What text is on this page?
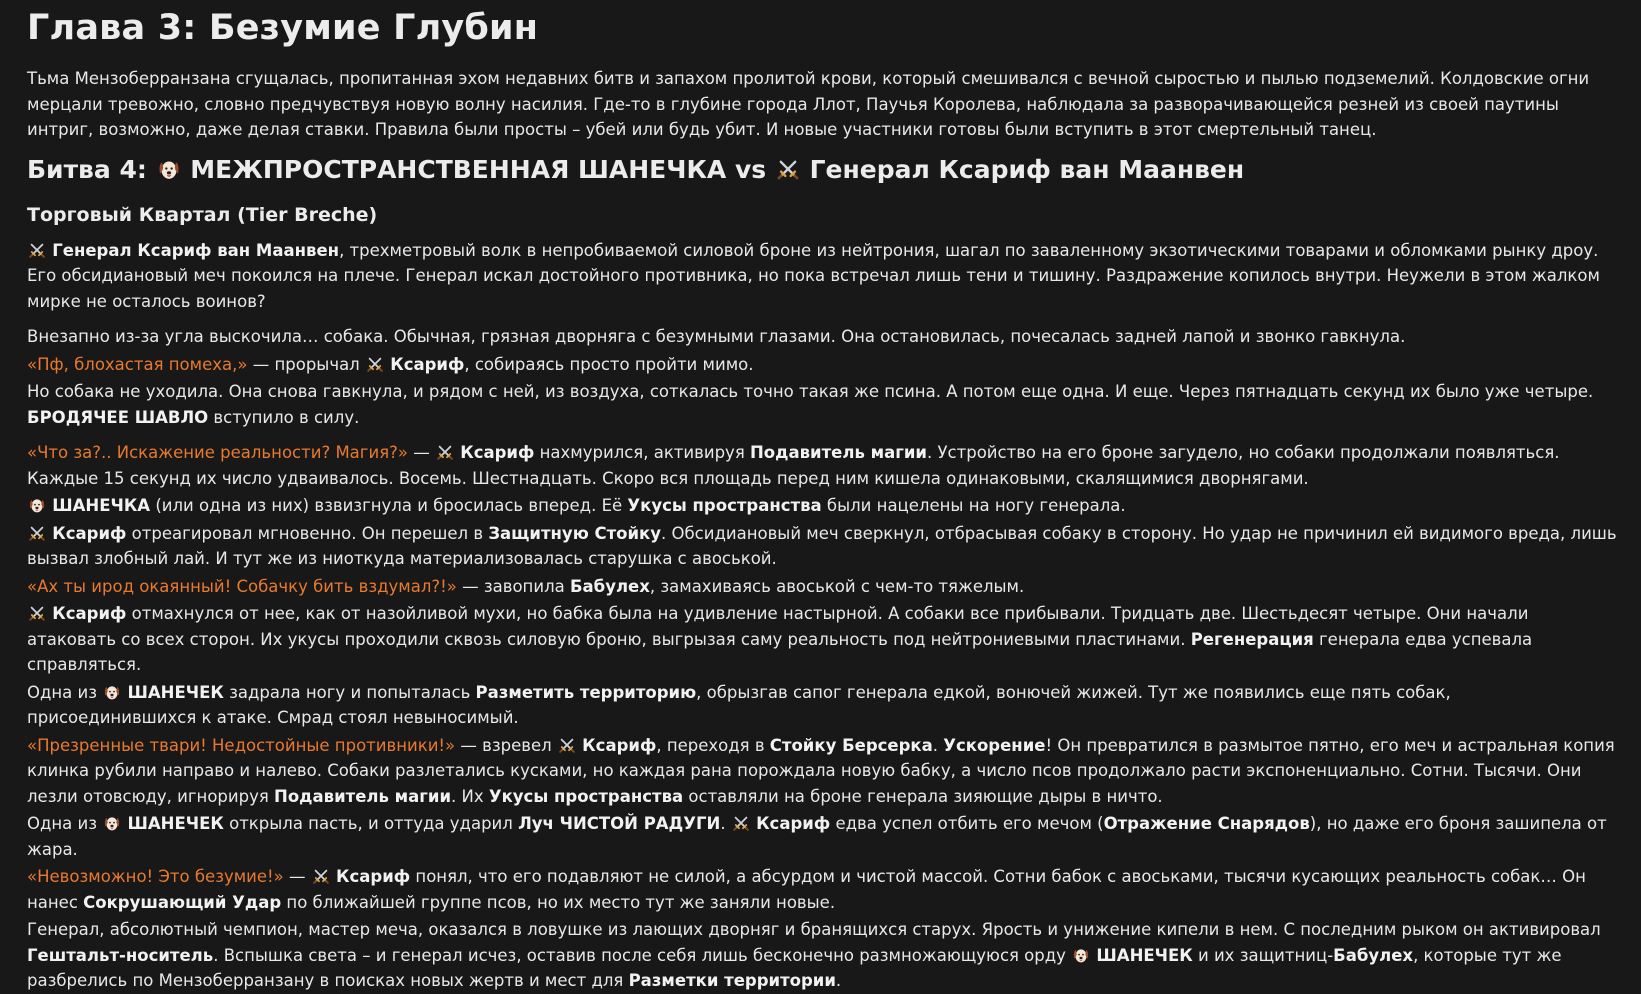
Глава 3: Безумие Глубин

Тьма Мензоберранзана сгущалась, пропитанная эхом недавних битв и запахом пролитой крови, который смешивался с вечной сыростью и пылью подземелий. Колдовские огни мерцали тревожно, словно предчувствуя новую волну насилия. Где-то в глубине города Ллот, Паучья Королева, наблюдала за разворачивающейся резней из своей паутины интриг, возможно, даже делая ставки. Правила были просты – убей или будь убит. И новые участники готовы были вступить в этот смертельный танец.

Битва 4: МЕЖПРОСТРАНСТВЕННАЯ ШАНЕЧКА vs Генерал Ксариф ван Маанвен
Торговый Квартал (Tier Breche)

Генерал Ксариф ван Маанвен, трехметровый волк в непробиваемой силовой броне из нейтрония, шагал по заваленному экзотическими товарами и обломками рынку дроу. Его обсидиановый меч покоился на плече. Генерал искал достойного противника, но пока встречал лишь тени и тишину. Раздражение копилось внутри. Неужели в этом жалком мирке не осталось воинов?

Внезапно из-за угла выскочила… собака. Обычная, грязная дворняга с безумными глазами. Она остановилась, почесалась задней лапой и звонко гавкнула.

«Пф, блохастая помеха,» — прорычал
Ксариф, собираясь просто пройти мимо.

Но собака не уходила. Она снова гавкнула, и рядом с ней, из воздуха, соткалась точно такая же псина. А потом еще одна. И еще. Через пятнадцать секунд их было уже четыре. БРОДЯЧЕЕ ШАВЛО вступило в силу.

«Что за?.. Искажение реальности? Магия?» —
Ксариф нахмурился, активируя Подавитель магии. Устройство на его броне загудело, но собаки продолжали появляться. Каждые 15 секунд их число удваивалось. Восемь. Шестнадцать. Скоро вся площадь перед ним кишела одинаковыми, скалящимися дворнягами.

ШАНЕЧКА (или одна из них) взвизгнула и бросилась вперед. Её Укусы пространства были нацелены на ногу генерала.

Ксариф отреагировал мгновенно. Он перешел в Защитную Стойку. Обсидиановый меч сверкнул, отбрасывая собаку в сторону. Но удар не причинил ей видимого вреда, лишь вызвал злобный лай. И тут же из ниоткуда материализовалась старушка с авоськой.

«Ах ты ирод окаянный! Собачку бить вздумал?!» — завопила Бабулех, замахиваясь авоськой с чем-то тяжелым.

Ксариф отмахнулся от нее, как от назойливой мухи, но бабка была на удивление настырной. А собаки все прибывали. Тридцать две. Шестьдесят четыре. Они начали атаковать со всех сторон. Их укусы проходили сквозь силовую броню, выгрызая саму реальность под нейтрониевыми пластинами. Регенерация генерала едва успевала справляться.

Одна из
ШАНЕЧЕК задрала ногу и попыталась Разметить территорию, обрызгав сапог генерала едкой, вонючей жижей. Тут же появились еще пять собак, присоединившихся к атаке. Смрад стоял невыносимый.

«Презренные твари! Недостойные противники!» — взревел
Ксариф, переходя в Стойку Берсерка. Ускорение! Он превратился в размытое пятно, его меч и астральная копия клинка рубили направо и налево. Собаки разлетались кусками, но каждая рана порождала новую бабку, а число псов продолжало расти экспоненциально. Сотни. Тысячи. Они лезли отовсюду, игнорируя Подавитель магии. Их Укусы пространства оставляли на броне генерала зияющие дыры в ничто.

Одна из
ШАНЕЧЕК открыла пасть, и оттуда ударил Луч ЧИСТОЙ РАДУГИ.
Ксариф едва успел отбить его мечом (Отражение Снарядов), но даже его броня зашипела от жара.

«Невозможно! Это безумие!» —
Ксариф понял, что его подавляют не силой, а абсурдом и чистой массой. Сотни бабок с авоськами, тысячи кусающих реальность собак… Он нанес Сокрушающий Удар по ближайшей группе псов, но их место тут же заняли новые.

Генерал, абсолютный чемпион, мастер меча, оказался в ловушке из лающих дворняг и бранящихся старух. Ярость и унижение кипели в нем. С последним рыком он активировал Гештальт-носитель. Вспышка света – и генерал исчез, оставив после себя лишь бесконечно размножающуюся орду
ШАНЕЧЕК и их защитниц-Бабулех, которые тут же разбрелись по Мензоберранзану в поисках новых жертв и мест для Разметки территории.
